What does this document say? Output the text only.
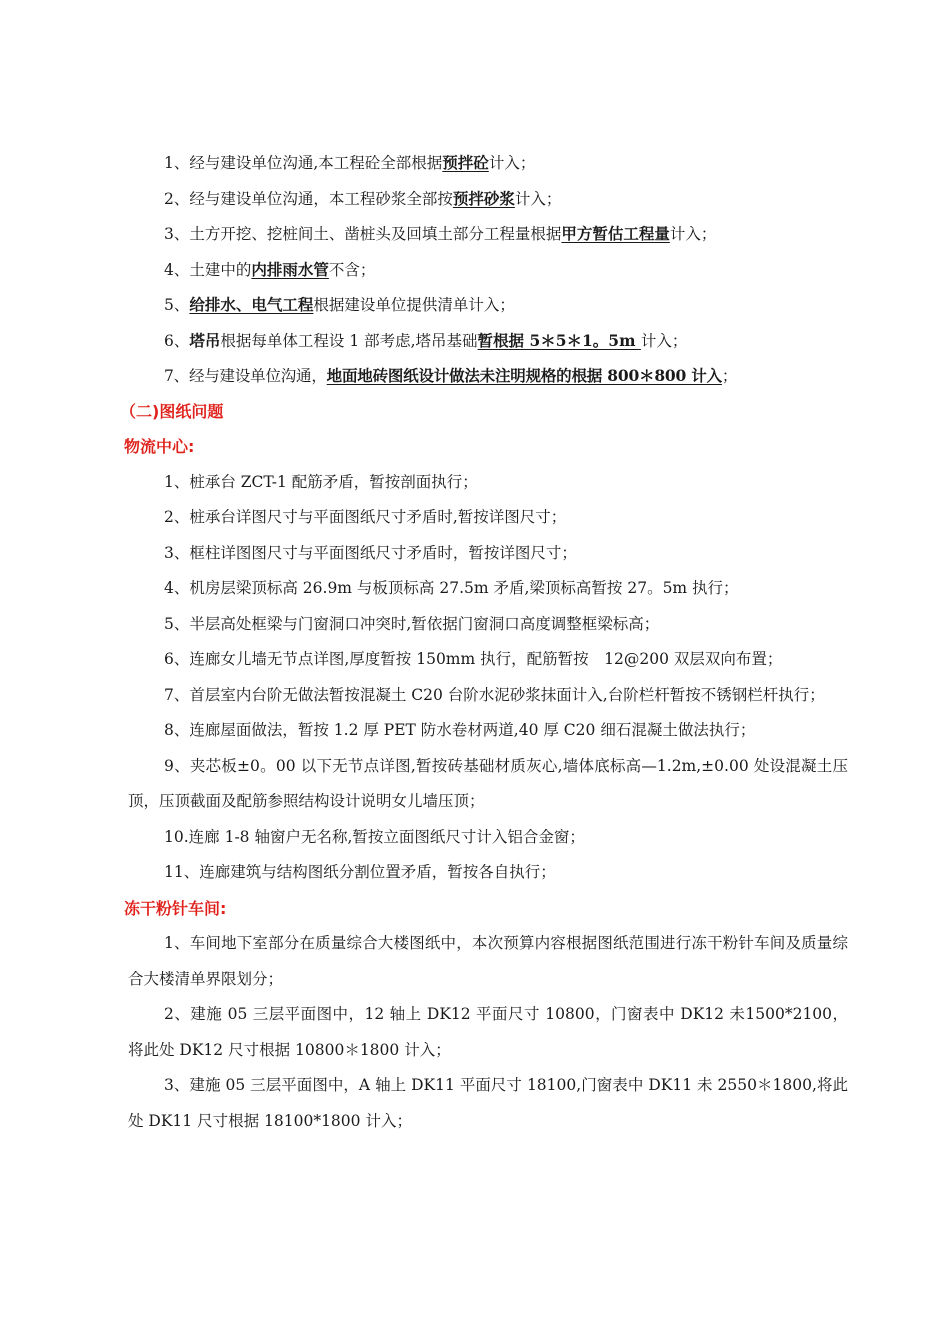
1、经与建设单位沟通,本工程砼全部根据预拌砼计入；
2、经与建设单位沟通，本工程砂浆全部按预拌砂浆计入；
3、土方开挖、挖桩间土、凿桩头及回填土部分工程量根据甲方暂估工程量计入；
4、土建中的内排雨水管不含；
5、给排水、电气工程根据建设单位提供清单计入；
6、塔吊根据每单体工程设 1 部考虑,塔吊基础暂根据 5＊5＊1。5m 计入；
7、经与建设单位沟通，地面地砖图纸设计做法未注明规格的根据 800＊800 计入；
（二)图纸问题
物流中心:
1、桩承台 ZCT-1 配筋矛盾，暂按剖面执行；
2、桩承台详图尺寸与平面图纸尺寸矛盾时,暂按详图尺寸；
3、框柱详图图尺寸与平面图纸尺寸矛盾时，暂按详图尺寸；
4、机房层梁顶标高 26.9m 与板顶标高 27.5m 矛盾,梁顶标高暂按 27。5m 执行；
5、半层高处框梁与门窗洞口冲突时,暂依据门窗洞口高度调整框梁标高；
6、连廊女儿墙无节点详图,厚度暂按 150mm 执行，配筋暂按　12@200 双层双向布置；
7、首层室内台阶无做法暂按混凝土 C20 台阶水泥砂浆抹面计入,台阶栏杆暂按不锈钢栏杆执行；
8、连廊屋面做法，暂按 1.2 厚 PET 防水卷材两道,40 厚 C20 细石混凝土做法执行；
9、夹芯板±0。00 以下无节点详图,暂按砖基础材质灰心,墙体底标高—1.2m,±0.00 处设混凝土压顶，压顶截面及配筋参照结构设计说明女儿墙压顶；
10.连廊 1-8 轴窗户无名称,暂按立面图纸尺寸计入铝合金窗；
11、连廊建筑与结构图纸分割位置矛盾，暂按各自执行；
冻干粉针车间:
1、车间地下室部分在质量综合大楼图纸中，本次预算内容根据图纸范围进行冻干粉针车间及质量综合大楼清单界限划分；
2、建施 05 三层平面图中，12 轴上 DK12 平面尺寸 10800，门窗表中 DK12 未1500*2100，将此处 DK12 尺寸根据 10800＊1800 计入；
3、建施 05 三层平面图中，A 轴上 DK11 平面尺寸 18100,门窗表中 DK11 未 2550＊1800,将此处 DK11 尺寸根据 18100*1800 计入；
